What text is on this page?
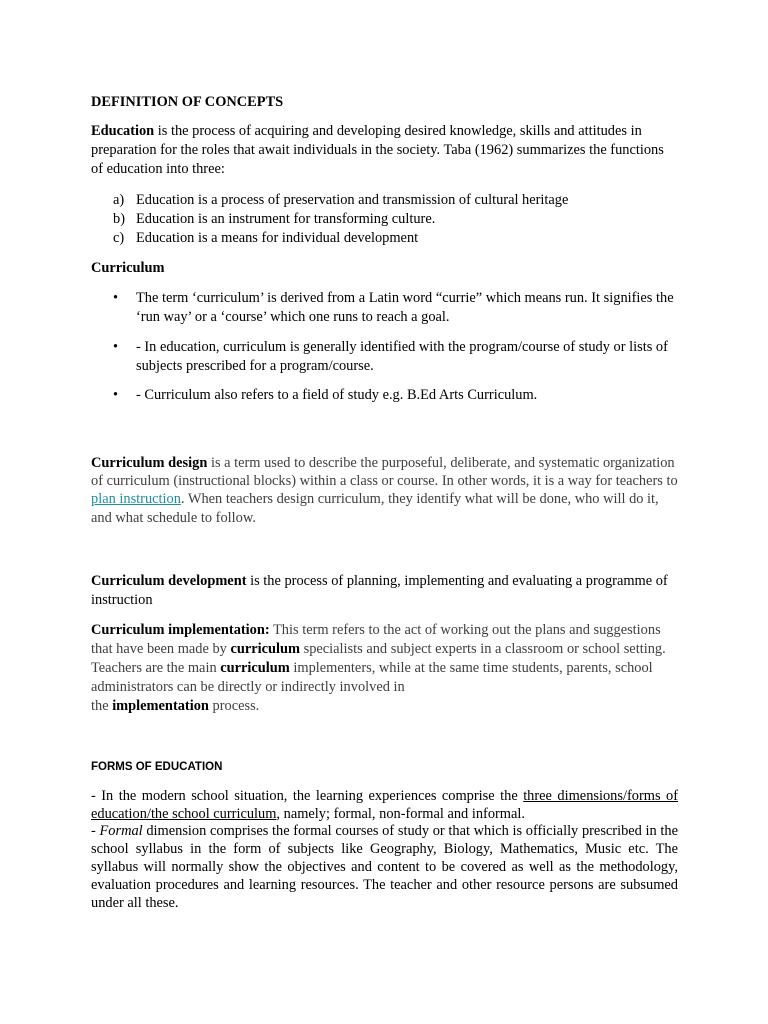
DEFINITION OF CONCEPTS

Education is the process of acquiring and developing desired knowledge, skills and attitudes in preparation for the roles that await individuals in the society. Taba (1962) summarizes the functions of education into three:

a) Education is a process of preservation and transmission of cultural heritage
b) Education is an instrument for transforming culture.
c) Education is a means for individual development

Curriculum

• The term ‘curriculum’ is derived from a Latin word “currie” which means run. It signifies the ‘run way’ or a ‘course’ which one runs to reach a goal.
• - In education, curriculum is generally identified with the program/course of study or lists of subjects prescribed for a program/course.
• - Curriculum also refers to a field of study e.g. B.Ed Arts Curriculum.

Curriculum design is a term used to describe the purposeful, deliberate, and systematic organization of curriculum (instructional blocks) within a class or course. In other words, it is a way for teachers to plan instruction. When teachers design curriculum, they identify what will be done, who will do it, and what schedule to follow.

Curriculum development is the process of planning, implementing and evaluating a programme of instruction

Curriculum implementation: This term refers to the act of working out the plans and suggestions that have been made by curriculum specialists and subject experts in a classroom or school setting. Teachers are the main curriculum implementers, while at the same time students, parents, school administrators can be directly or indirectly involved in
the implementation process.

FORMS OF EDUCATION

- In the modern school situation, the learning experiences comprise the three dimensions/forms of education/the school curriculum, namely; formal, non-formal and informal.

- Formal dimension comprises the formal courses of study or that which is officially prescribed in the school syllabus in the form of subjects like Geography, Biology, Mathematics, Music etc. The syllabus will normally show the objectives and content to be covered as well as the methodology, evaluation procedures and learning resources. The teacher and other resource persons are subsumed under all these.
